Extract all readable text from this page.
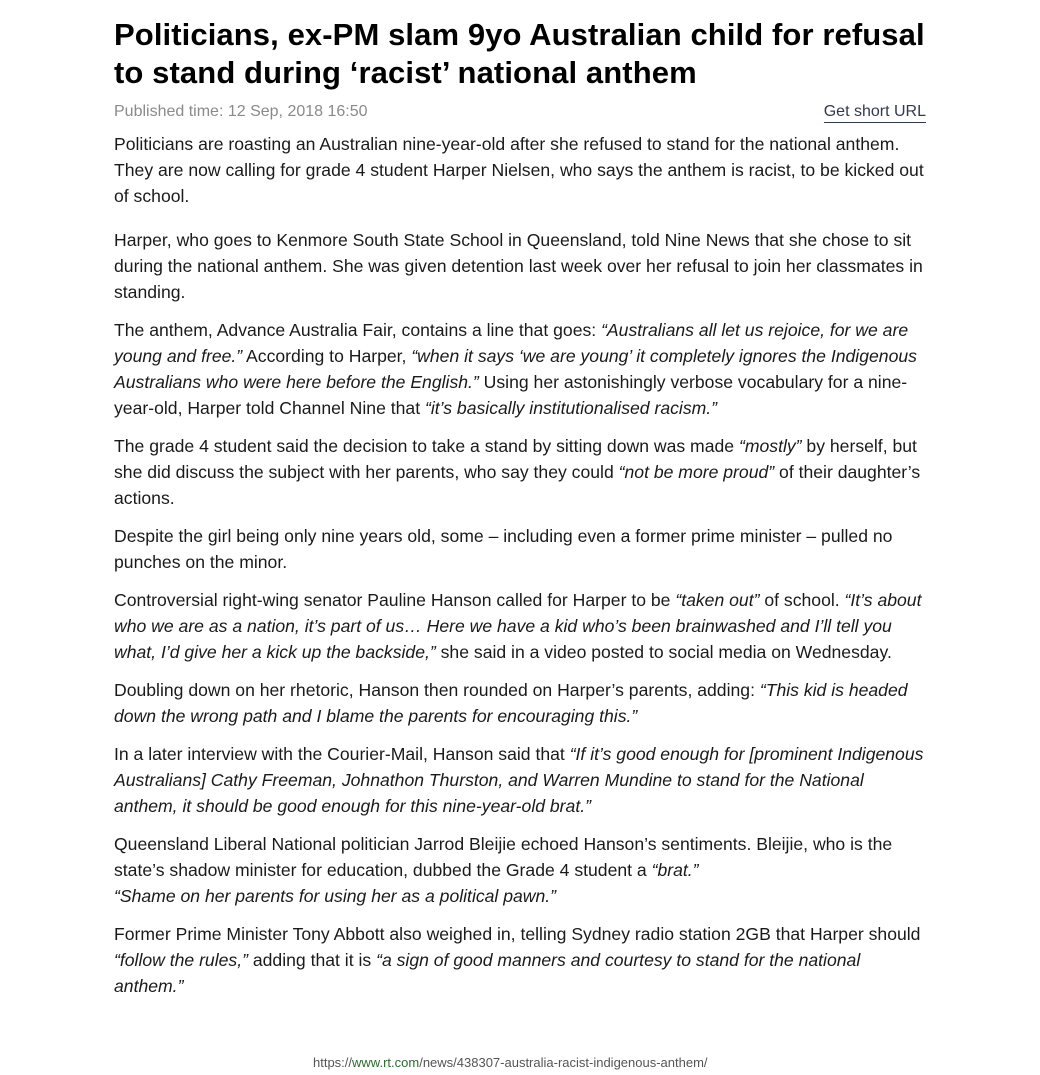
Politicians, ex-PM slam 9yo Australian child for refusal to stand during ‘racist’ national anthem
Published time: 12 Sep, 2018 16:50	Get short URL

Politicians are roasting an Australian nine-year-old after she refused to stand for the national anthem. They are now calling for grade 4 student Harper Nielsen, who says the anthem is racist, to be kicked out of school.

Harper, who goes to Kenmore South State School in Queensland, told Nine News that she chose to sit during the national anthem. She was given detention last week over her refusal to join her classmates in standing.

The anthem, Advance Australia Fair, contains a line that goes: “Australians all let us rejoice, for we are young and free.” According to Harper, “when it says ‘we are young’ it completely ignores the Indigenous Australians who were here before the English.” Using her astonishingly verbose vocabulary for a nine-year-old, Harper told Channel Nine that “it’s basically institutionalised racism.”

The grade 4 student said the decision to take a stand by sitting down was made “mostly” by herself, but she did discuss the subject with her parents, who say they could “not be more proud” of their daughter’s actions.

Despite the girl being only nine years old, some – including even a former prime minister – pulled no punches on the minor.

Controversial right-wing senator Pauline Hanson called for Harper to be “taken out” of school. “It’s about who we are as a nation, it’s part of us… Here we have a kid who’s been brainwashed and I’ll tell you what, I’d give her a kick up the backside,” she said in a video posted to social media on Wednesday.

Doubling down on her rhetoric, Hanson then rounded on Harper’s parents, adding: “This kid is headed down the wrong path and I blame the parents for encouraging this.”

In a later interview with the Courier-Mail, Hanson said that “If it’s good enough for [prominent Indigenous Australians] Cathy Freeman, Johnathon Thurston, and Warren Mundine to stand for the National anthem, it should be good enough for this nine-year-old brat.”

Queensland Liberal National politician Jarrod Bleijie echoed Hanson’s sentiments. Bleijie, who is the state’s shadow minister for education, dubbed the Grade 4 student a “brat.”
“Shame on her parents for using her as a political pawn.”

Former Prime Minister Tony Abbott also weighed in, telling Sydney radio station 2GB that Harper should “follow the rules,” adding that it is “a sign of good manners and courtesy to stand for the national anthem.”

https://www.rt.com/news/438307-australia-racist-indigenous-anthem/
